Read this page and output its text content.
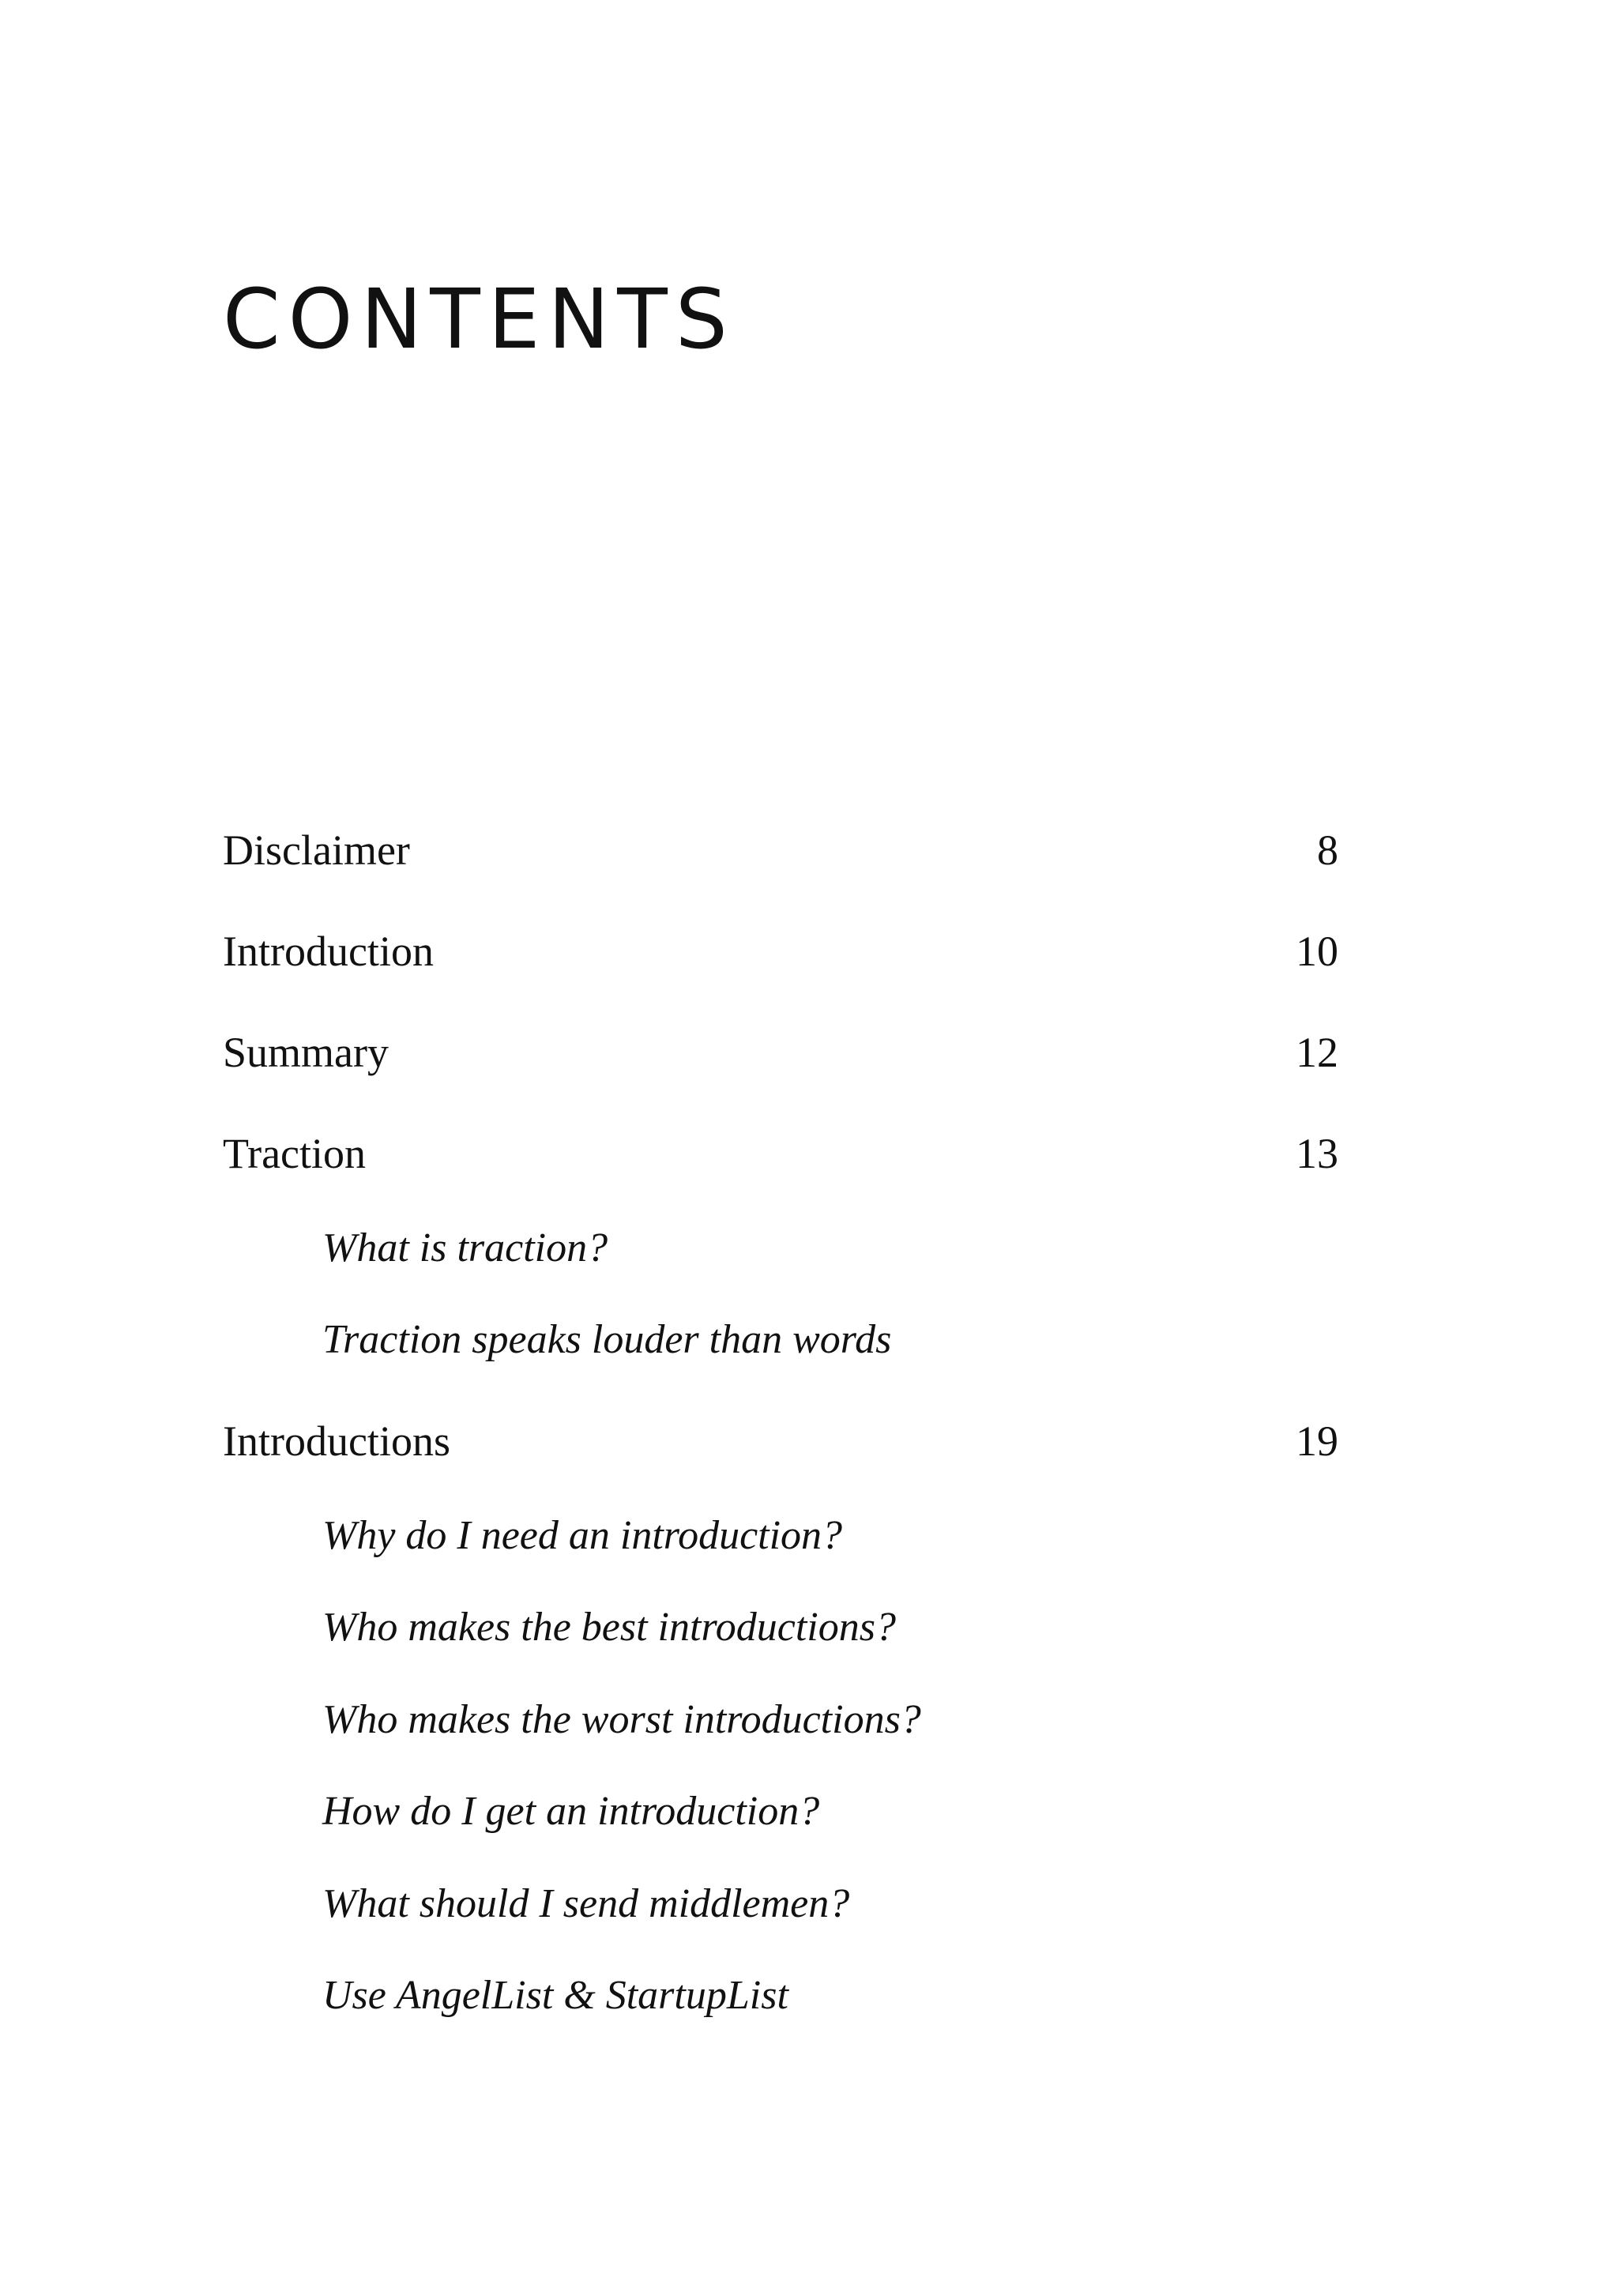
CONTENTS
Disclaimer	8
Introduction	10
Summary	12
Traction	13
What is traction?
Traction speaks louder than words
Introductions	19
Why do I need an introduction?
Who makes the best introductions?
Who makes the worst introductions?
How do I get an introduction?
What should I send middlemen?
Use AngelList & StartupList
